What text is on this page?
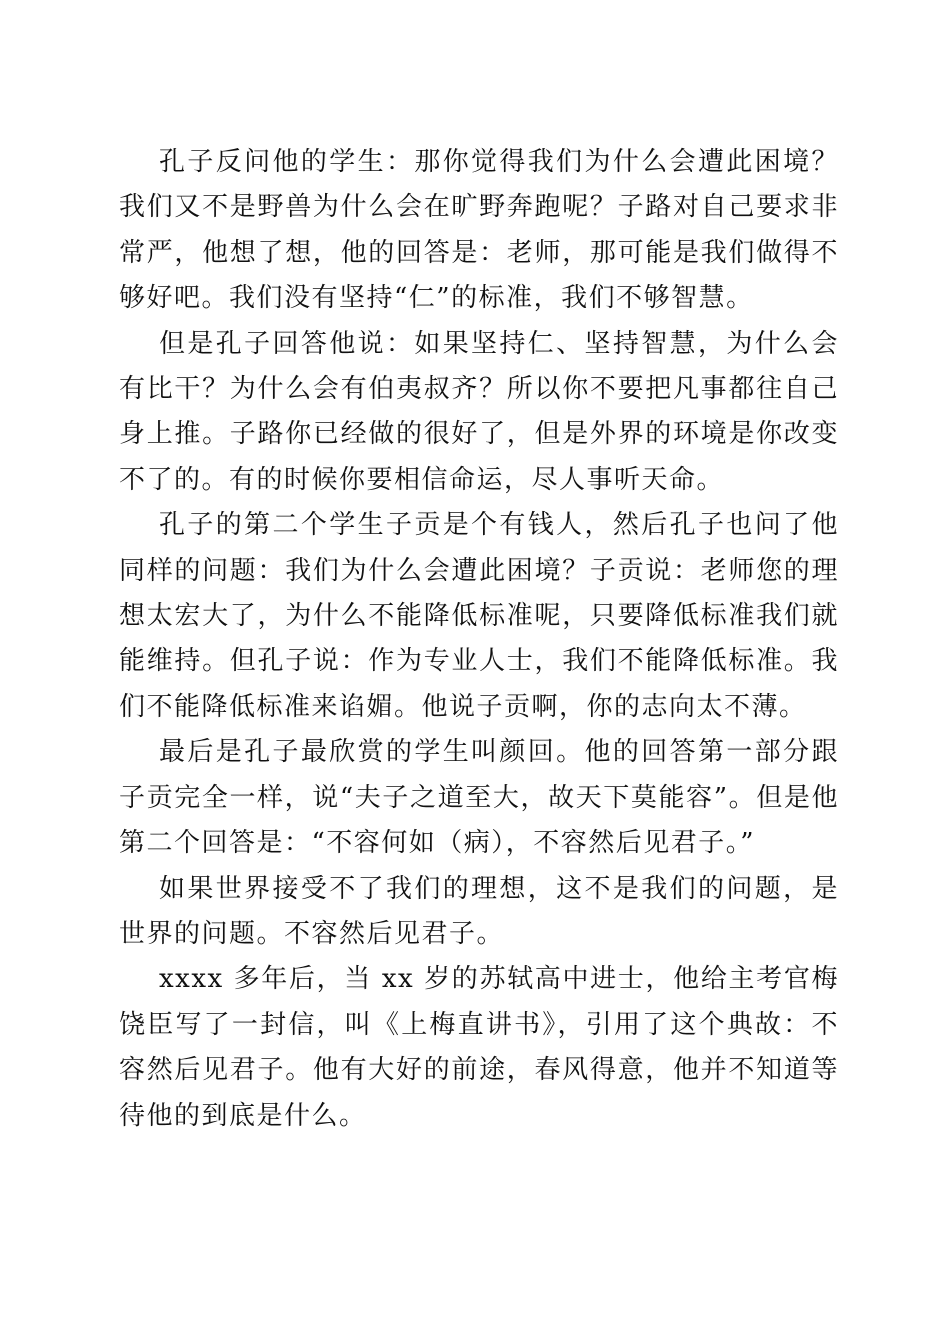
孔子反问他的学生：那你觉得我们为什么会遭此困境？我们又不是野兽为什么会在旷野奔跑呢？子路对自己要求非常严，他想了想，他的回答是：老师，那可能是我们做得不够好吧。我们没有坚持“仁”的标准，我们不够智慧。

但是孔子回答他说：如果坚持仁、坚持智慧，为什么会有比干？为什么会有伯夷叔齐？所以你不要把凡事都往自己身上推。子路你已经做的很好了，但是外界的环境是你改变不了的。有的时候你要相信命运，尽人事听天命。

孔子的第二个学生子贡是个有钱人，然后孔子也问了他同样的问题：我们为什么会遭此困境？子贡说：老师您的理想太宏大了，为什么不能降低标准呢，只要降低标准我们就能维持。但孔子说：作为专业人士，我们不能降低标准。我们不能降低标准来谄媚。他说子贡啊，你的志向太不薄。

最后是孔子最欣赏的学生叫颜回。他的回答第一部分跟子贡完全一样，说“夫子之道至大，故天下莫能容”。但是他第二个回答是：“不容何如（病），不容然后见君子。”

如果世界接受不了我们的理想，这不是我们的问题，是世界的问题。不容然后见君子。

xxxx 多年后，当 xx 岁的苏轼高中进士，他给主考官梅饶臣写了一封信，叫《上梅直讲书》，引用了这个典故：不容然后见君子。他有大好的前途，春风得意，他并不知道等待他的到底是什么。
